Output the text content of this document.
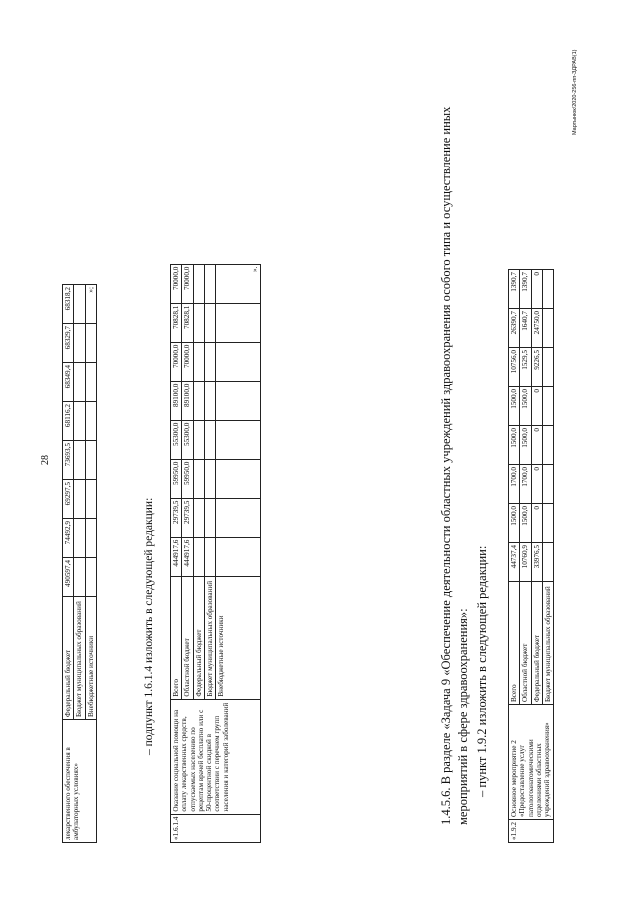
28
лекарственного обеспечения в амбулаторных условиях»	Федеральный бюджет	490597,4	74492,9	69297,5	73693,5	68116,2	68349,4	68329,7	68318,2
	Бюджет муниципальных образований								
	Внебюджетные источники								»;
– подпункт 1.6.1.4 изложить в следующей редакции:
«1.6.1.4	Оказание социальной помощи на оплату лекарственных средств, отпускаемых населению по рецептам врачей бесплатно или с 50-процентной скидкой в соответствии с перечнем групп населения и категорий заболеваний	Всего	444917,6	29739,5	59950,0	55300,0	89100,0	70000,0	70828,1	70000,0
		Областной бюджет	444917,6	29739,5	59950,0	55300,0	89100,0	70000,0	70828,1	70000,0
		Федеральный бюджет								
		Бюджет муниципальных образований								
		Внебюджетные источники								».	1.4.5.6. В разделе «Задача 9 «Обеспечение деятельности областных учреждений здравоохранения особого типа и осуществление иных мероприятий в сфере здравоохранения»: – пункт 1.9.2 изложить в следующей редакции:
«1.9.2	Основное мероприятие 2 «Предоставление услуг патологоанатомическими отделениями областных учреждений здравоохранения»	Всего	44737,4	1500,0	1700,0	1500,0	1500,0	10756,0	26390,7	1390,7
		Областной бюджет	10760,9	1500,0	1700,0	1500,0	1500,0	1529,5	1640,7	1390,7
		Федеральный бюджет	33976,5	0	0	0	0	9226,5	24750,0	0
		Бюджет муниципальных образований								
Мартынюк/2020-256-пп-ЗДРАВ(1)
